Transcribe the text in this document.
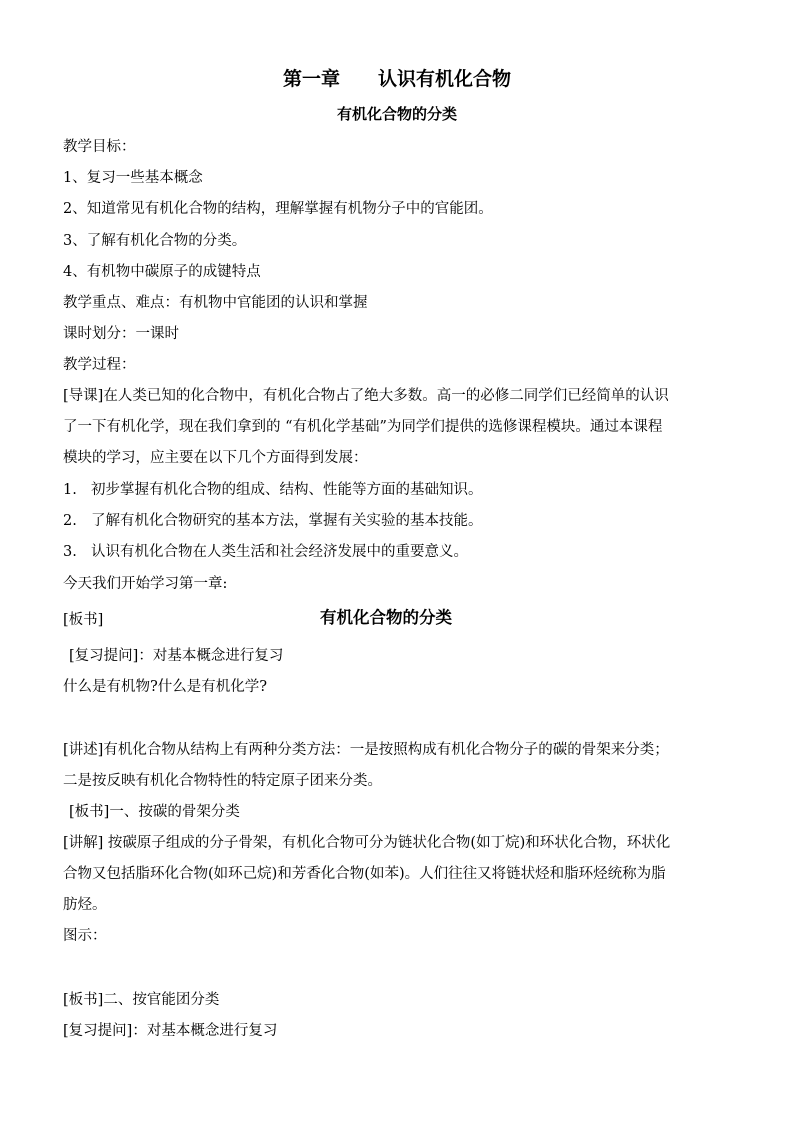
第一章　　认识有机化合物
有机化合物的分类
教学目标：
1、复习一些基本概念
2、知道常见有机化合物的结构，理解掌握有机物分子中的官能团。
3、了解有机化合物的分类。
4、有机物中碳原子的成键特点
教学重点、难点：有机物中官能团的认识和掌握
课时划分：一课时
教学过程：
[导课]在人类已知的化合物中，有机化合物占了绝大多数。高一的必修二同学们已经简单的认识
了一下有机化学，现在我们拿到的 “有机化学基础”为同学们提供的选修课程模块。通过本课程
模块的学习，应主要在以下几个方面得到发展：
1. 初步掌握有机化合物的组成、结构、性能等方面的基础知识。
2. 了解有机化合物研究的基本方法，掌握有关实验的基本技能。
3. 认识有机化合物在人类生活和社会经济发展中的重要意义。
今天我们开始学习第一章:
[板书]	有机化合物的分类
[复习提问]：对基本概念进行复习
什么是有机物?什么是有机化学?
[讲述]有机化合物从结构上有两种分类方法：一是按照构成有机化合物分子的碳的骨架来分类；
二是按反映有机化合物特性的特定原子团来分类。
[板书]一、按碳的骨架分类
[讲解] 按碳原子组成的分子骨架，有机化合物可分为链状化合物(如丁烷)和环状化合物，环状化
合物又包括脂环化合物(如环己烷)和芳香化合物(如苯)。人们往往又将链状烃和脂环烃统称为脂
肪烃。
图示：
[板书]二、按官能团分类
[复习提问]：对基本概念进行复习
